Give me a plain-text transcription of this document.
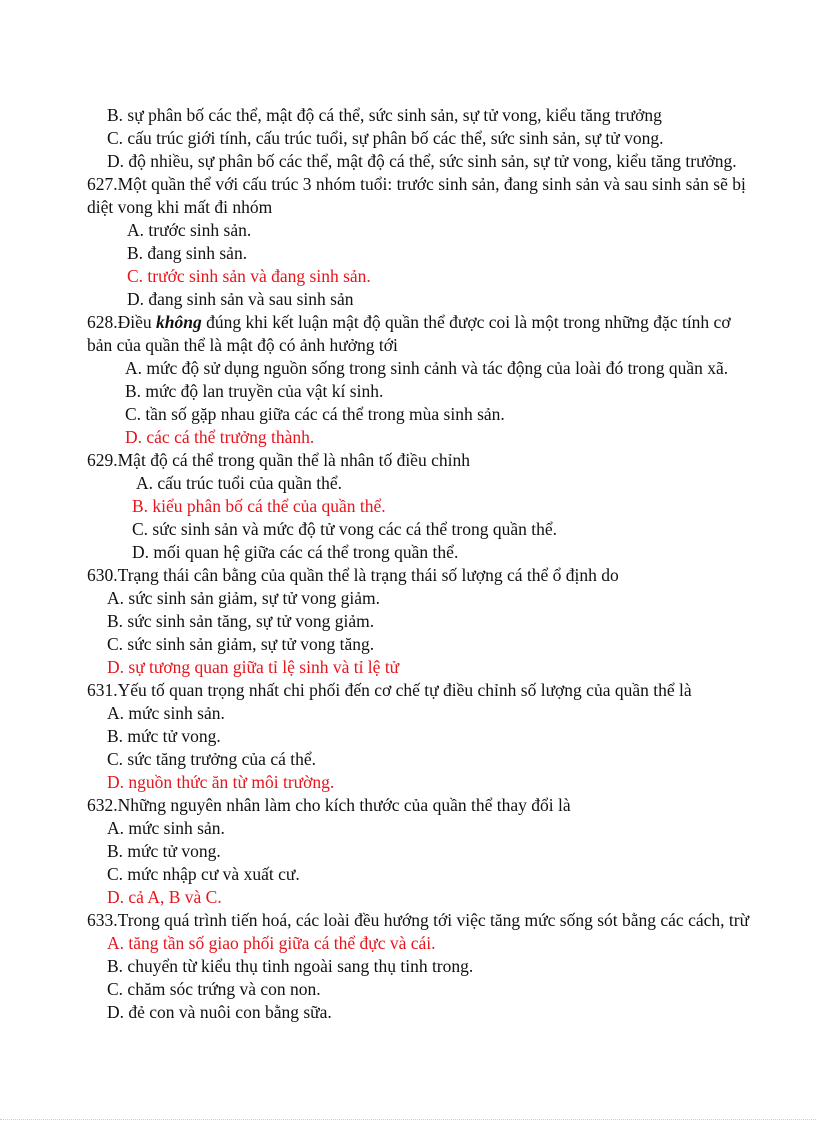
B. sự phân bố các thể, mật độ cá thể, sức sinh sản, sự tử vong, kiểu tăng trưởng
C. cấu trúc giới tính, cấu trúc tuổi, sự phân bố các thể, sức sinh sản, sự tử vong.
D. độ nhiều, sự phân bố các thể, mật độ cá thể, sức sinh sản, sự tử vong, kiểu tăng trưởng.
627.Một quần thể với cấu trúc 3 nhóm tuổi: trước sinh sản, đang sinh sản và sau sinh sản sẽ bị
diệt vong khi mất đi nhóm
A. trước sinh sản.
B. đang sinh sản.
C. trước sinh sản và đang sinh sản.
D. đang sinh sản và sau sinh sản
628.Điều không đúng khi kết luận mật độ quần thể được coi là một trong những đặc tính cơ
bản của quần thể là mật độ có ảnh hưởng tới
A. mức độ sử dụng nguồn sống trong sinh cảnh và tác động của loài đó trong quần xã.
B. mức độ lan truyền của vật kí sinh.
C. tần số gặp nhau giữa các cá thể trong mùa sinh sản.
D. các cá thể trưởng thành.
629.Mật độ cá thể trong quần thể là nhân tố điều chỉnh
A. cấu trúc tuổi của quần thể.
B. kiểu phân bố cá thể của quần thể.
C. sức sinh sản và mức độ tử vong các cá thể trong quần thể.
D. mối quan hệ giữa các cá thể trong quần thể.
630.Trạng thái cân bằng của quần thể là trạng thái số lượng cá thể ổ định do
A. sức sinh sản giảm, sự tử vong giảm.
B. sức sinh sản tăng, sự tử vong giảm.
C. sức sinh sản giảm, sự tử vong tăng.
D. sự tương quan giữa tỉ lệ sinh và tỉ lệ tử
631.Yếu tố quan trọng nhất chi phối đến cơ chế tự điều chỉnh số lượng của quần thể là
A. mức sinh sản.
B. mức tử vong.
C. sức tăng trưởng của cá thể.
D. nguồn thức ăn từ môi trường.
632.Những nguyên nhân làm cho kích thước của quần thể thay đổi là
A. mức sinh sản.
B. mức tử vong.
C. mức nhập cư và xuất cư.
D. cả A, B và C.
633.Trong quá trình tiến hoá, các loài đều hướng tới việc tăng mức sống sót bằng các cách, trừ
A. tăng tần số giao phối giữa cá thể đực và cái.
B. chuyển từ kiểu thụ tinh ngoài sang thụ tinh trong.
C. chăm sóc trứng và con non.
D. đẻ con và nuôi con bằng sữa.
